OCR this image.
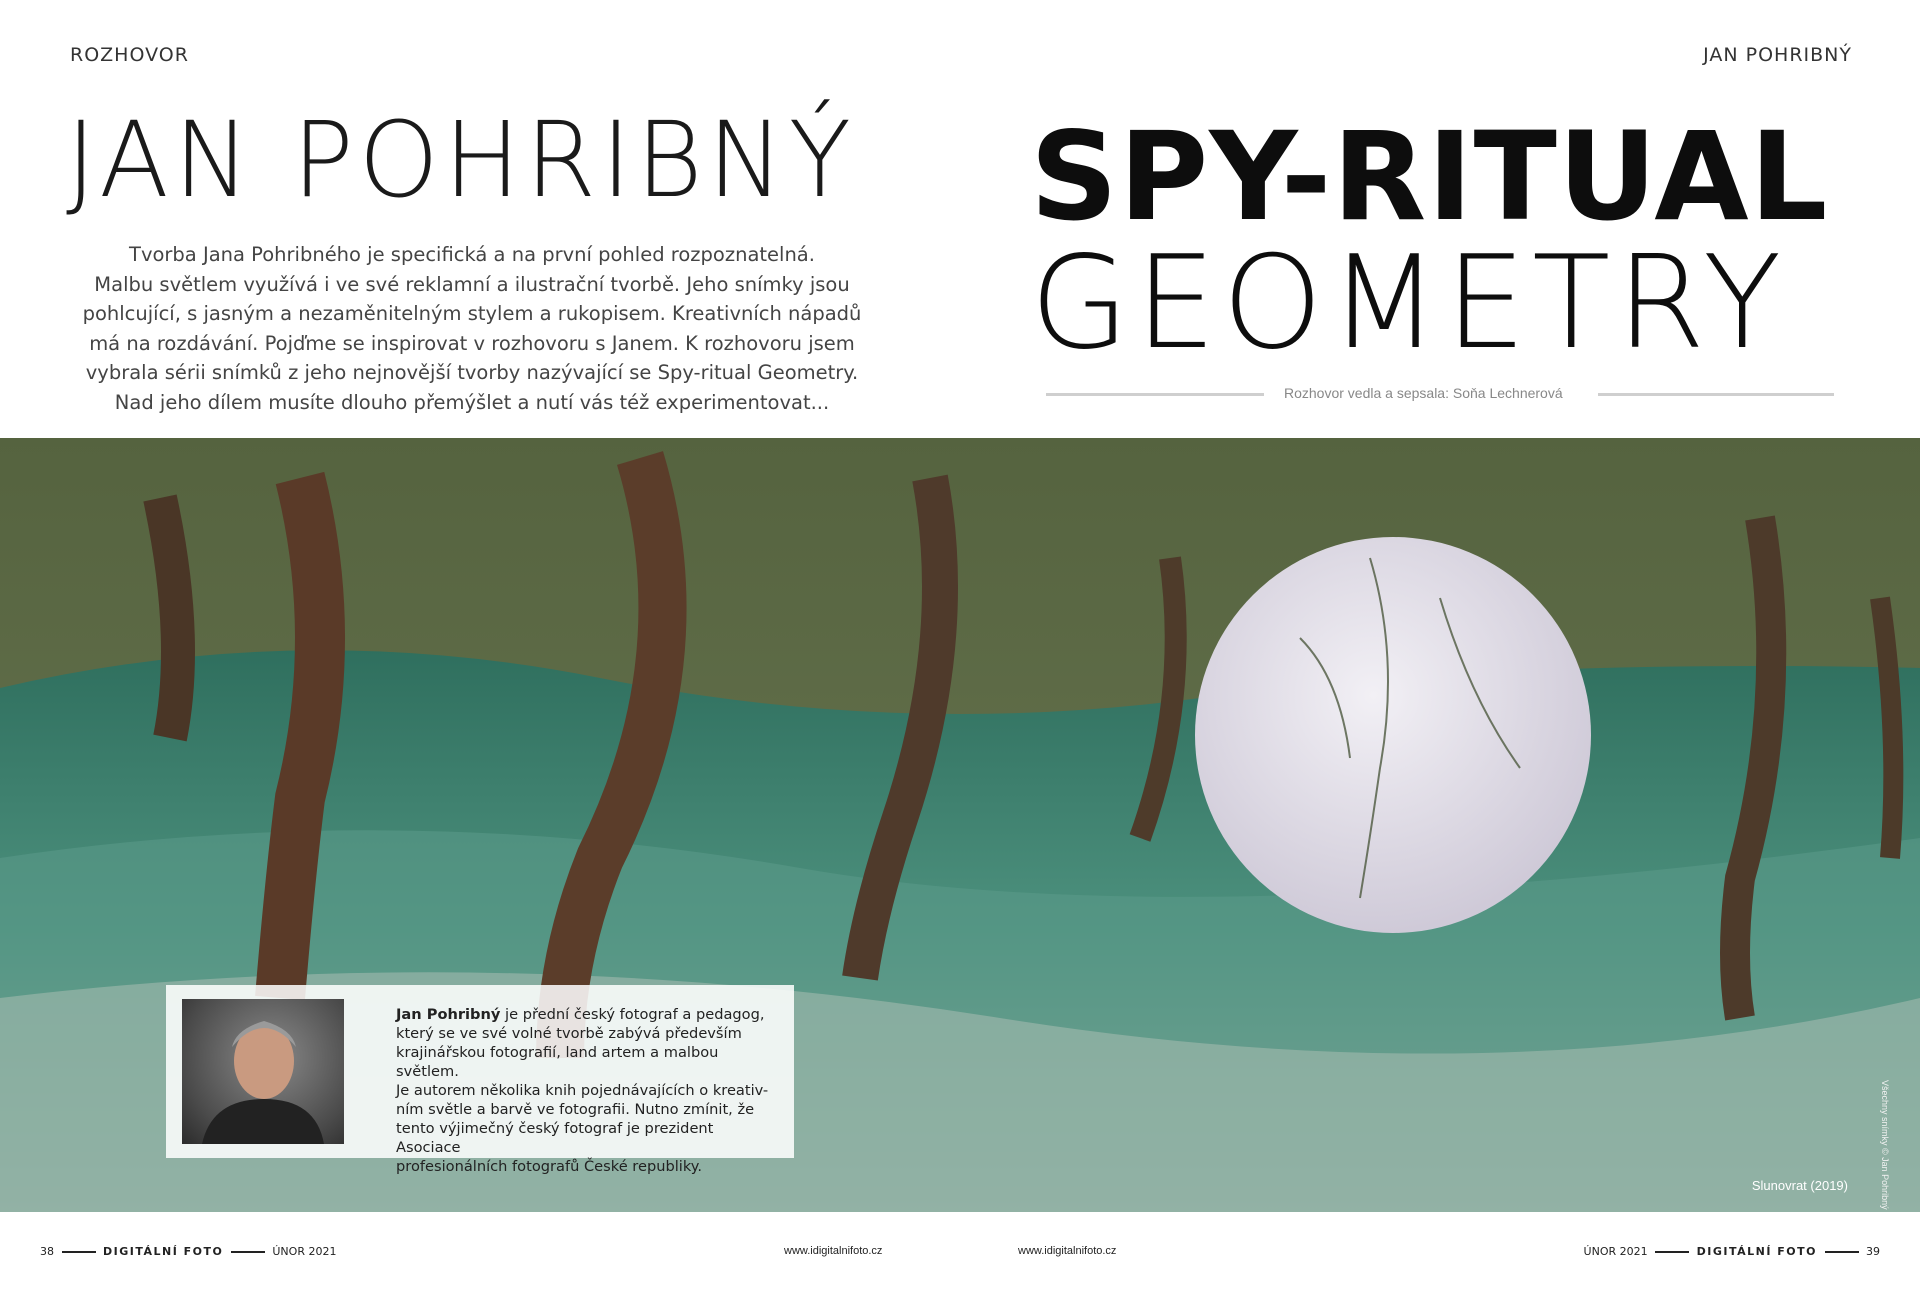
ROZHOVOR	JAN POHRIBNÝ
JAN POHRIBNÝ
Tvorba Jana Pohribného je specifická a na první pohled rozpoznatelná.
Malbu světlem využívá i ve své reklamní a ilustrační tvorbě. Jeho snímky jsou
pohlcující, s jasným a nezaměnitelným stylem a rukopisem. Kreativních nápadů
má na rozdávání. Pojďme se inspirovat v rozhovoru s Janem. K rozhovoru jsem
vybrala sérii snímků z jeho nejnovější tvorby nazývající se Spy-ritual Geometry.
Nad jeho dílem musíte dlouho přemýšlet a nutí vás též experimentovat...
SPY-RITUAL
GEOMETRY
Rozhovor vedla a sepsala: Soňa Lechnerová
Jan Pohribný je přední český fotograf a pedagog,
který se ve své volné tvorbě zabývá především
krajinářskou fotografií, land artem a malbou světlem.
Je autorem několika knih pojednávajících o kreativ-
ním světle a barvě ve fotografii. Nutno zmínit, že
tento výjimečný český fotograf je prezident Asociace
profesionálních fotografů České republiky.
Slunovrat (2019)	Všechny snímky © Jan Pohribný
38	DIGITÁLNÍ FOTO	ÚNOR 2021	www.idigitalnifoto.cz	www.idigitalnifoto.cz	ÚNOR 2021	DIGITÁLNÍ FOTO	39
